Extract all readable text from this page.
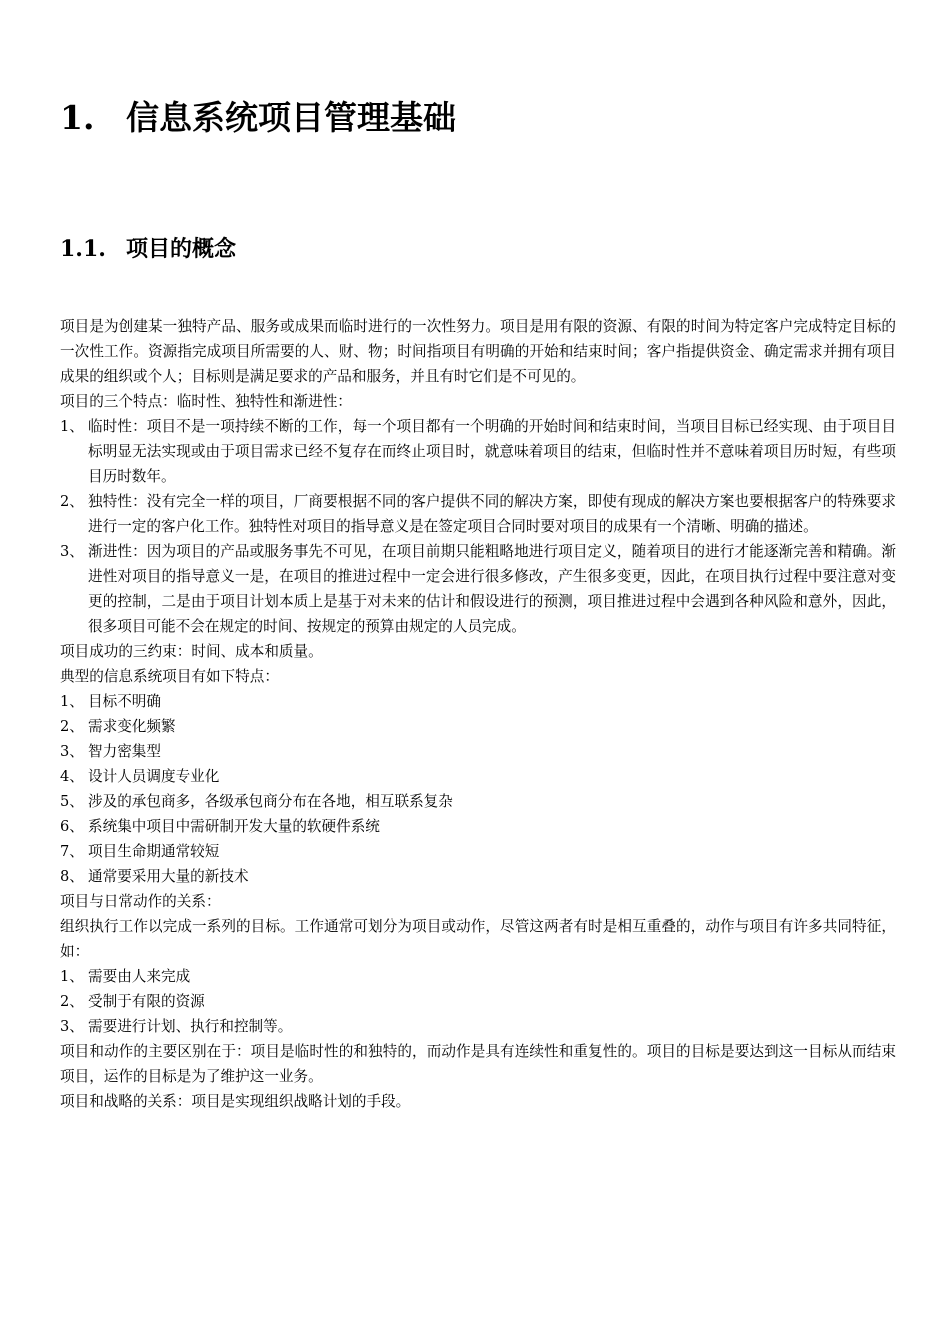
1. 信息系统项目管理基础
1.1. 项目的概念

项目是为创建某一独特产品、服务或成果而临时进行的一次性努力。项目是用有限的资源、有限的时间为特定客户完成特定目标的一次性工作。资源指完成项目所需要的人、财、物；时间指项目有明确的开始和结束时间；客户指提供资金、确定需求并拥有项目成果的组织或个人；目标则是满足要求的产品和服务，并且有时它们是不可见的。

项目的三个特点：临时性、独特性和渐进性：

1、 临时性：项目不是一项持续不断的工作，每一个项目都有一个明确的开始时间和结束时间，当项目目标已经实现、由于项目目标明显无法实现或由于项目需求已经不复存在而终止项目时，就意味着项目的结束，但临时性并不意味着项目历时短，有些项目历时数年。

2、 独特性：没有完全一样的项目，厂商要根据不同的客户提供不同的解决方案，即使有现成的解决方案也要根据客户的特殊要求进行一定的客户化工作。独特性对项目的指导意义是在签定项目合同时要对项目的成果有一个清晰、明确的描述。

3、 渐进性：因为项目的产品或服务事先不可见，在项目前期只能粗略地进行项目定义，随着项目的进行才能逐渐完善和精确。渐进性对项目的指导意义一是，在项目的推进过程中一定会进行很多修改，产生很多变更，因此，在项目执行过程中要注意对变更的控制，二是由于项目计划本质上是基于对未来的估计和假设进行的预测，项目推进过程中会遇到各种风险和意外，因此，很多项目可能不会在规定的时间、按规定的预算由规定的人员完成。

项目成功的三约束：时间、成本和质量。

典型的信息系统项目有如下特点：

1、 目标不明确

2、 需求变化频繁

3、 智力密集型

4、 设计人员调度专业化

5、 涉及的承包商多，各级承包商分布在各地，相互联系复杂

6、 系统集中项目中需研制开发大量的软硬件系统

7、 项目生命期通常较短

8、 通常要采用大量的新技术

项目与日常动作的关系：

组织执行工作以完成一系列的目标。工作通常可划分为项目或动作，尽管这两者有时是相互重叠的，动作与项目有许多共同特征，如：

1、 需要由人来完成

2、 受制于有限的资源

3、 需要进行计划、执行和控制等。

项目和动作的主要区别在于：项目是临时性的和独特的，而动作是具有连续性和重复性的。项目的目标是要达到这一目标从而结束项目，运作的目标是为了维护这一业务。

项目和战略的关系：项目是实现组织战略计划的手段。
